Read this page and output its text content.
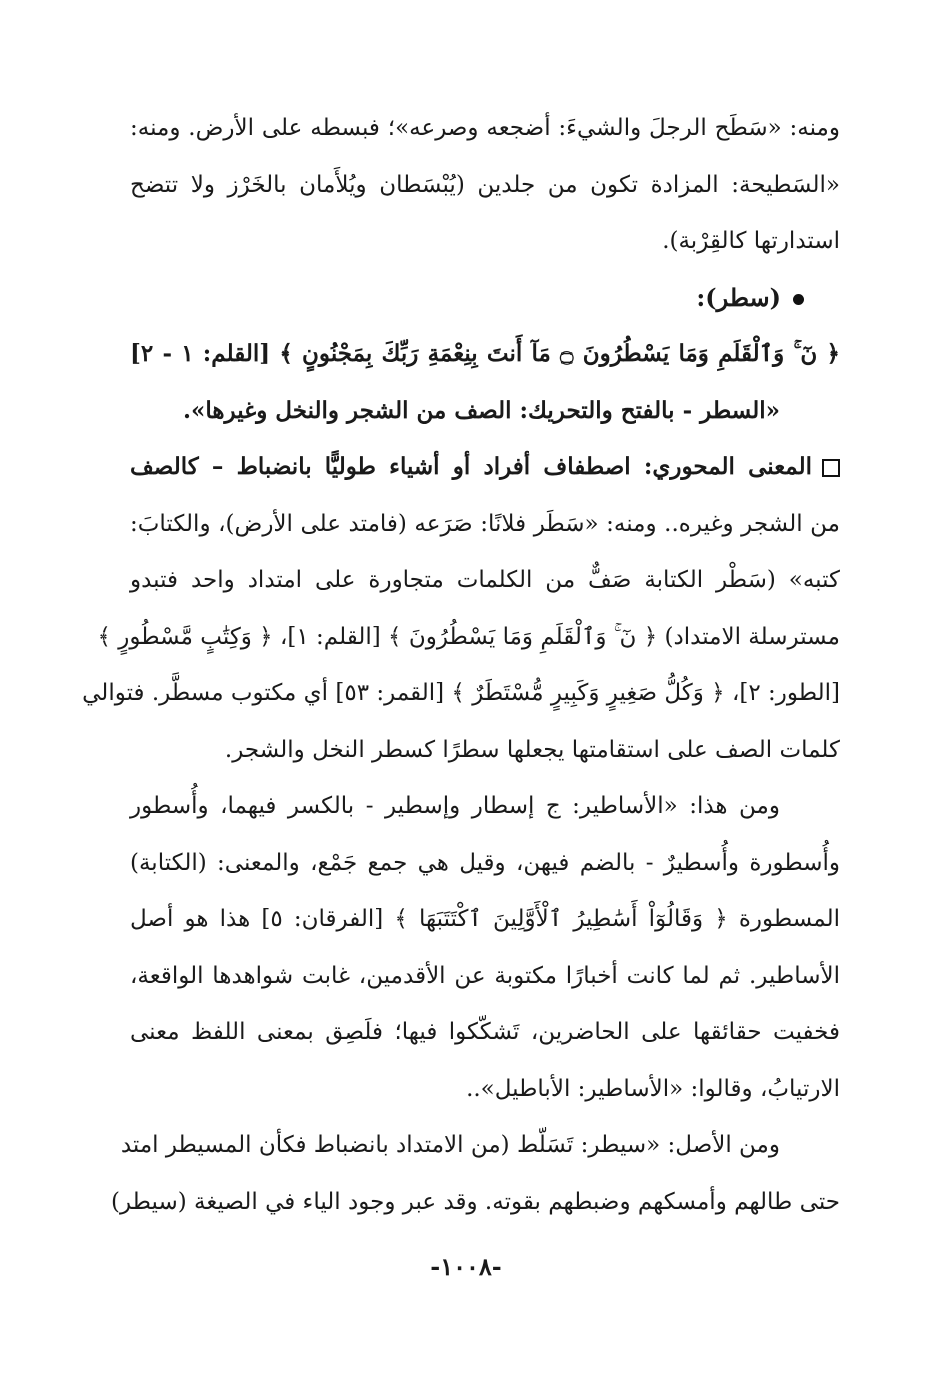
ومنه: «سَطَح الرجلَ والشيءَ: أضجعه وصرعه»؛ فبسطه على الأرض. ومنه:
«السَطيحة: المزادة تكون من جلدين (يُبْسَطان ويُلأَمان بالخَرْز ولا تتضح
استدارتها كالقِرْبة).
(سطر):
﴿ نٓ ۚ وَٱلْقَلَمِ وَمَا يَسْطُرُونَ ۝ مَآ أَنتَ بِنِعْمَةِ رَبِّكَ بِمَجْنُونٍ ﴾ [القلم: ١ - ٢]
«السطر - بالفتح والتحريك: الصف من الشجر والنخل وغيرها».
المعنى المحوري: اصطفاف أفراد أو أشياء طوليًّا بانضباط – كالصف
من الشجر وغيره.. ومنه: «سَطَر فلانًا: صَرَعه (فامتد على الأرض)، والكتابَ:
كتبه» (سَطْر الكتابة صَفٌّ من الكلمات متجاورة على امتداد واحد فتبدو
مسترسلة الامتداد) ﴿ نٓ ۚ وَٱلْقَلَمِ وَمَا يَسْطُرُونَ ﴾ [القلم: ١]، ﴿ وَكِتَٰبٍ مَّسْطُورٍ ﴾
[الطور: ٢]، ﴿ وَكُلُّ صَغِيرٍ وَكَبِيرٍ مُّسْتَطَرٌ ﴾ [القمر: ٥٣] أي مكتوب مسطَّر. فتوالي
كلمات الصف على استقامتها يجعلها سطرًا كسطر النخل والشجر.
ومن هذا: «الأساطير: ج إسطار وإسطير - بالكسر فيهما، وأُسطور
وأُسطورة وأُسطيرٌ - بالضم فيهن، وقيل هي جمع جَمْع، والمعنى: (الكتابة)
المسطورة ﴿ وَقَالُوٓاْ أَسَٰطِيرُ ٱلْأَوَّلِينَ ٱكْتَتَبَهَا ﴾ [الفرقان: ٥] هذا هو أصل
الأساطير. ثم لما كانت أخبارًا مكتوبة عن الأقدمين، غابت شواهدها الواقعة،
فخفيت حقائقها على الحاضرين، تَشكّكوا فيها؛ فلَصِق بمعنى اللفظ معنى
الارتيابُ، وقالوا: «الأساطير: الأباطيل»..
ومن الأصل: «سيطر: تَسَلّط (من الامتداد بانضباط فكأن المسيطر امتد
حتى طالهم وأمسكهم وضبطهم بقوته. وقد عبر وجود الياء في الصيغة (سيطر)
-١٠٠٨-
